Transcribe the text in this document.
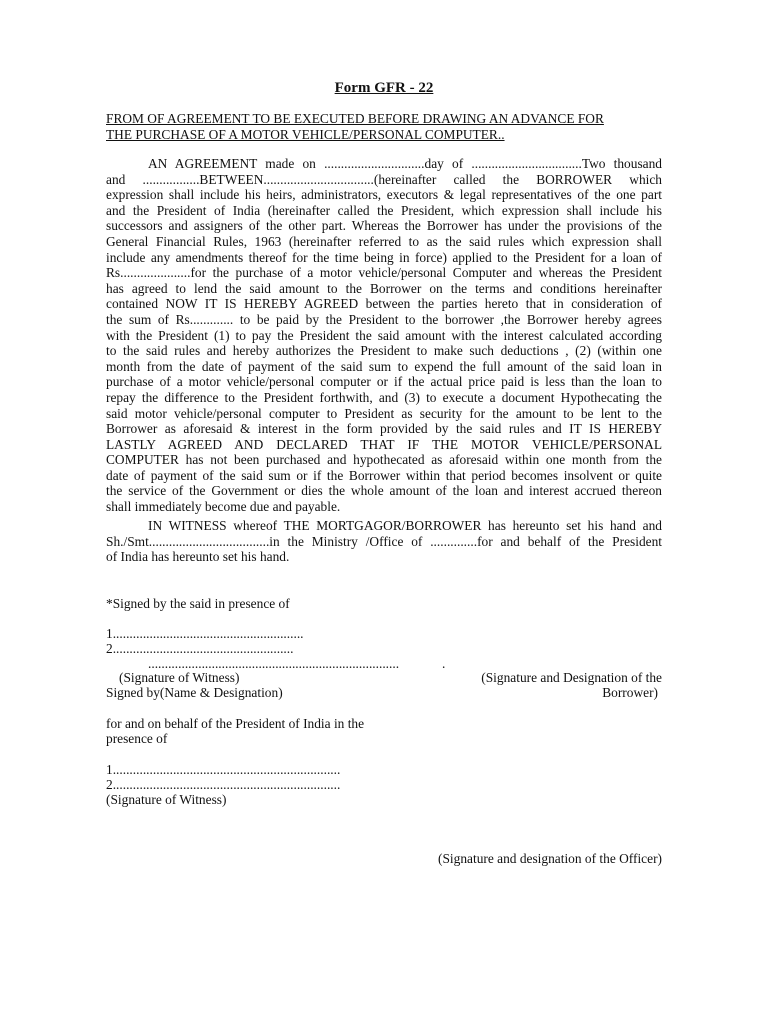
Form GFR - 22
FROM OF AGREEMENT TO BE EXECUTED BEFORE DRAWING AN ADVANCE FOR
THE PURCHASE OF A MOTOR VEHICLE/PERSONAL COMPUTER..
AN AGREEMENT made on ..............................day of .................................Two thousand
and .................BETWEEN.................................(hereinafter called the BORROWER which
expression shall include his heirs, administrators, executors & legal representatives of the one part
and the President of India (hereinafter called the President, which expression shall include his
successors and assigners of the other part. Whereas the Borrower has under the provisions of the
General Financial Rules, 1963 (hereinafter referred to as the said rules which expression shall
include any amendments thereof for the time being in force) applied to the President for a loan of
Rs.....................for the purchase of a motor vehicle/personal Computer and whereas the President
has agreed to lend the said amount to the Borrower on the terms and conditions hereinafter
contained NOW IT IS HEREBY AGREED between the parties hereto that in consideration of
the sum of Rs............. to be paid by the President to the borrower ,the Borrower hereby agrees
with the President (1) to pay the President the said amount with the interest calculated according
to the said rules and hereby authorizes the President to make such deductions , (2) (within one
month from the date of payment of the said sum to expend the full amount of the said loan in
purchase of a motor vehicle/personal computer or if the actual price paid is less than the loan to
repay the difference to the President forthwith, and (3) to execute a document Hypothecating the
said motor vehicle/personal computer to President as security for the amount to be lent to the
Borrower as aforesaid & interest in the form provided by the said rules and IT IS HEREBY
LASTLY AGREED AND DECLARED THAT IF THE MOTOR VEHICLE/PERSONAL
COMPUTER has not been purchased and hypothecated as aforesaid within one month from the
date of payment of the said sum or if the Borrower within that period becomes insolvent or quite
the service of the Government or dies the whole amount of the loan and interest accrued thereon
shall immediately become due and payable.
IN WITNESS whereof THE MORTGAGOR/BORROWER has hereunto set his hand and
Sh./Smt....................................in the Ministry /Office of ..............for and behalf of the President
of India has hereunto set his hand.
*Signed by the said in presence of
1.........................................................
2......................................................
...........................................................................	.
(Signature of Witness)
Signed by(Name & Designation)
(Signature and Designation of the
Borrower)
for and on behalf of the President of India in the
presence of
1....................................................................
2....................................................................
(Signature of Witness)
(Signature and designation of the Officer)
